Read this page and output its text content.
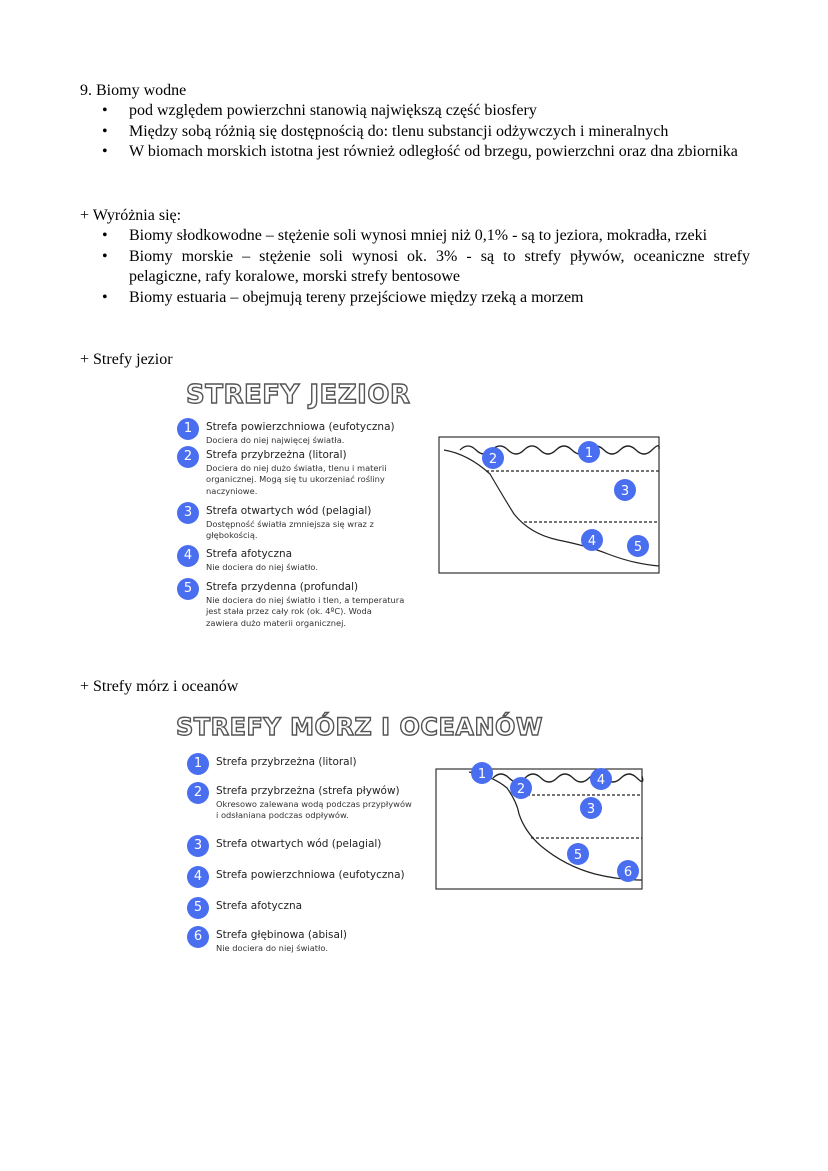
9. Biomy wodne
• pod względem powierzchni stanowią największą część biosfery
• Między sobą różnią się dostępnością do: tlenu substancji odżywczych i mineralnych
• W biomach morskich istotna jest również odległość od brzegu, powierzchni oraz dna zbiornika
+ Wyróżnia się:
• Biomy słodkowodne – stężenie soli wynosi mniej niż 0,1% - są to jeziora, mokradła, rzeki
• Biomy morskie – stężenie soli wynosi ok. 3% - są to strefy pływów, oceaniczne strefy pelagiczne, rafy koralowe, morski strefy bentosowe
• Biomy estuaria – obejmują tereny przejściowe między rzeką a morzem
+ Strefy jezior
STREFY JEZIOR
1	Strefa powierzchniowa (eufotyczna)
Dociera do niej najwięcej światła.
2	Strefa przybrzeżna (litoral)
Dociera do niej dużo światła, tlenu i materii organicznej. Mogą się tu ukorzeniać rośliny naczyniowe.
3	Strefa otwartych wód (pelagial)
Dostępność światła zmniejsza się wraz z głębokością.
4	Strefa afotyczna
Nie dociera do niej światło.
5	Strefa przydenna (profundal)
Nie dociera do niej światło i tlen, a temperatura jest stała przez cały rok (ok. 4ºC). Woda zawiera dużo materii organicznej.
1
2
3
4	5
+ Strefy mórz i oceanów
STREFY MÓRZ I OCEANÓW
1	Strefa przybrzeżna (litoral)
2	Strefa przybrzeżna (strefa pływów)
Okresowo zalewana wodą podczas przypływów i odsłaniana podczas odpływów.
3	Strefa otwartych wód (pelagial)
4	Strefa powierzchniowa (eufotyczna)
5	Strefa afotyczna
6	Strefa głębinowa (abisal)
Nie dociera do niej światło.
1
2
3
4
5
6
